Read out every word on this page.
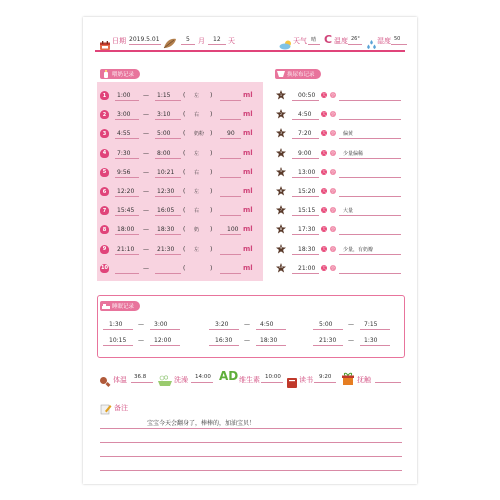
日期 2019.5.01	5 月 12 天	天气 晴 C 温度 26° 湿度 50
喂奶记录
1	1:00 — 1:15 ( 左 )	ml
2	3:00 — 3:10 ( 右 )	ml
3	4:55 — 5:00 ( 奶粉 ) 90 ml
4	7:30 — 8:00 ( 左 )	ml
5	9:56 — 10:21 ( 右 )	ml
6	12:20 — 12:30 ( 左 )	ml
7	15:45 — 16:05 ( 右 )	ml
8	18:00 — 18:30 ( 奶 ) 100 ml
9	21:10 — 21:30 ( 左 )	ml
10	—	(	)	ml
换尿布记录
1	00:50 大 小
2	4:50	大 小
3	7:20	大 小 偏黄
4	9:00	大 小 少量偏稀
5	13:00 大 小
6	15:20 大 小
7	15:15 大 小 大量
8	17:30 大 小
9	18:30 大 小 少量，有奶瓣
10	21:00 大 小
睡眠记录
1:30	— 3:00	3:20	— 4:50	5:00	— 7:15
10:15 — 12:00	16:30 — 18:30	21:30 — 1:30
体温 36.8	洗澡 14:00 AD 维生素 10:00	读书 9:20	抚触
备注
宝宝今天会翻身了，棒棒的，加油宝贝！
